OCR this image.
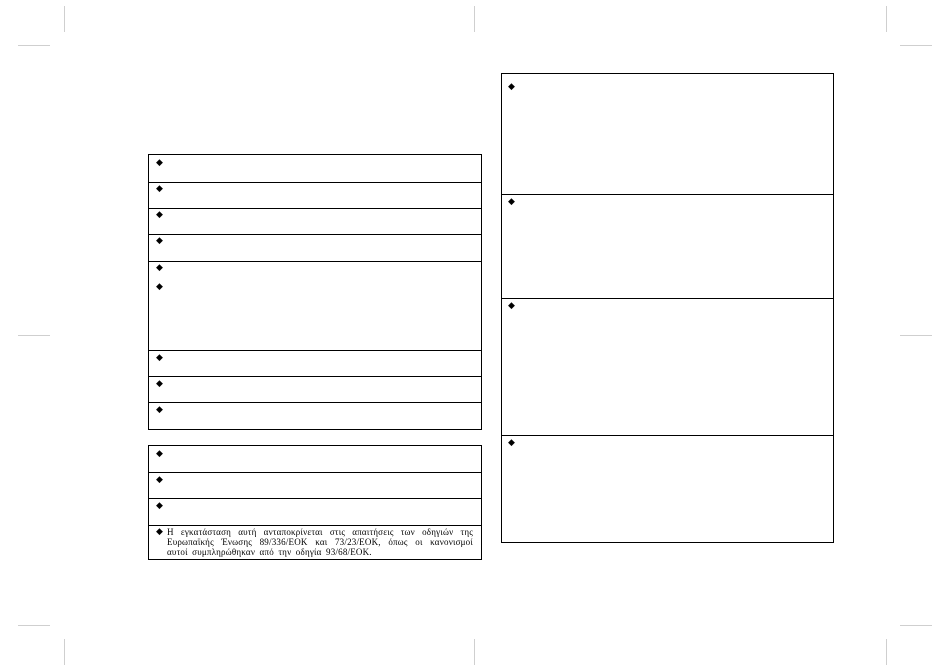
◆
◆
◆
◆
◆
◆
◆
◆
◆
◆
◆
◆
◆ Η εγκατάσταση αυτή ανταποκρίνεται στις απαιτήσεις των οδηγιών της Ευρωπαϊκής Ένωσης 89/336/ΕΟΚ και 73/23/ΕΟΚ, όπως οι κανονισμοί αυτοί συμπληρώθηκαν από την οδηγία 93/68/ΕΟΚ.
◆
◆
◆
◆
